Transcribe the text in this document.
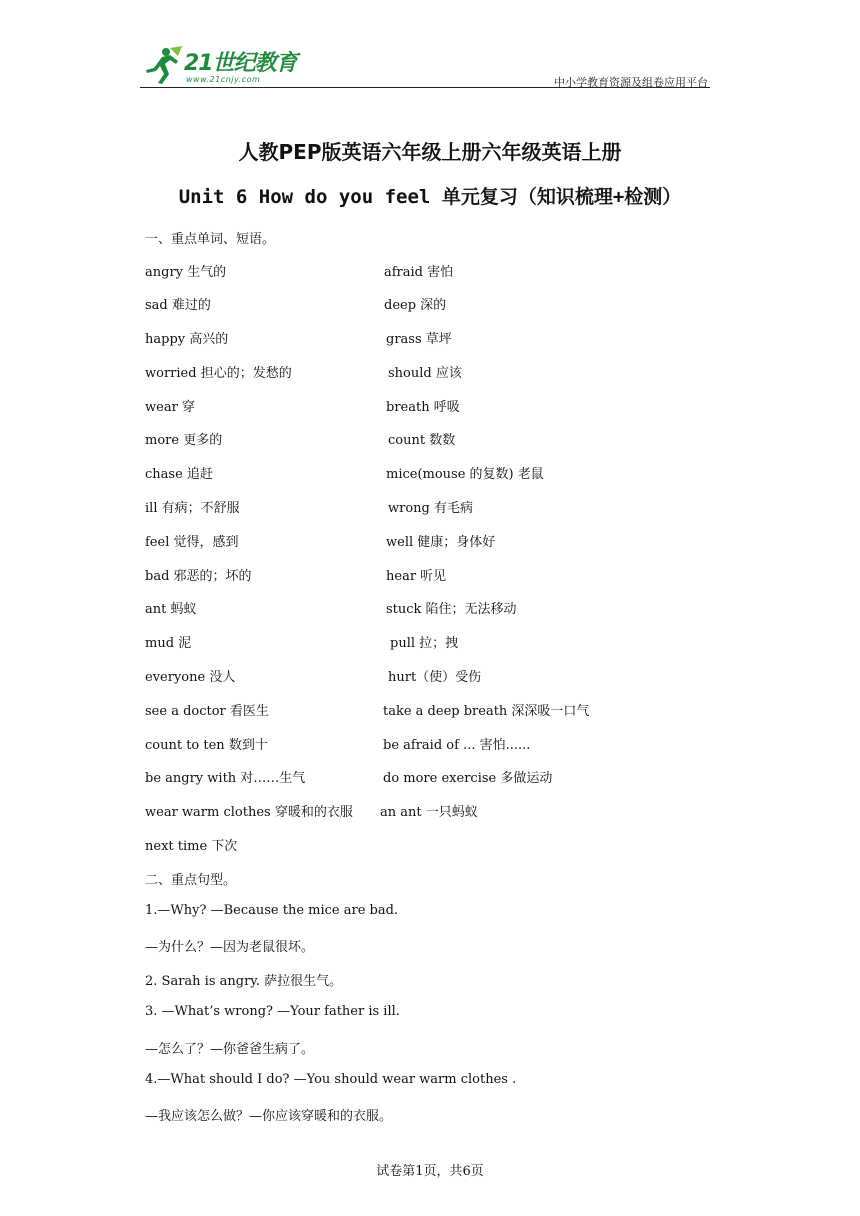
21世纪教育
www.21cnjy.com	中小学教育资源及组卷应用平台
人教PEP版英语六年级上册六年级英语上册
Unit 6 How do you feel 单元复习（知识梳理+检测）
一、重点单词、短语。
angry 生气的	afraid 害怕
sad 难过的	deep 深的
happy 高兴的	grass 草坪
worried 担心的；发愁的	should 应该
wear 穿	breath 呼吸
more 更多的	count 数数
chase 追赶	mice(mouse 的复数) 老鼠
ill 有病；不舒服	wrong 有毛病
feel 觉得，感到	well 健康；身体好
bad 邪恶的；坏的	hear 听见
ant 蚂蚁	stuck 陷住；无法移动
mud 泥	pull 拉；拽
everyone 没人	hurt（使）受伤
see a doctor 看医生	take a deep breath 深深吸一口气
count to ten 数到十	be afraid of ... 害怕......
be angry with 对……生气	do more exercise 多做运动
wear warm clothes 穿暖和的衣服 an ant 一只蚂蚁
next time 下次
二、重点句型。
1.—Why? —Because the mice are bad.
—为什么？—因为老鼠很坏。
2. Sarah is angry. 萨拉很生气。
3. —What’s wrong? —Your father is ill.
—怎么了？—你爸爸生病了。
4.—What should I do? —You should wear warm clothes .
—我应该怎么做？—你应该穿暖和的衣服。
试卷第1页，共6页
